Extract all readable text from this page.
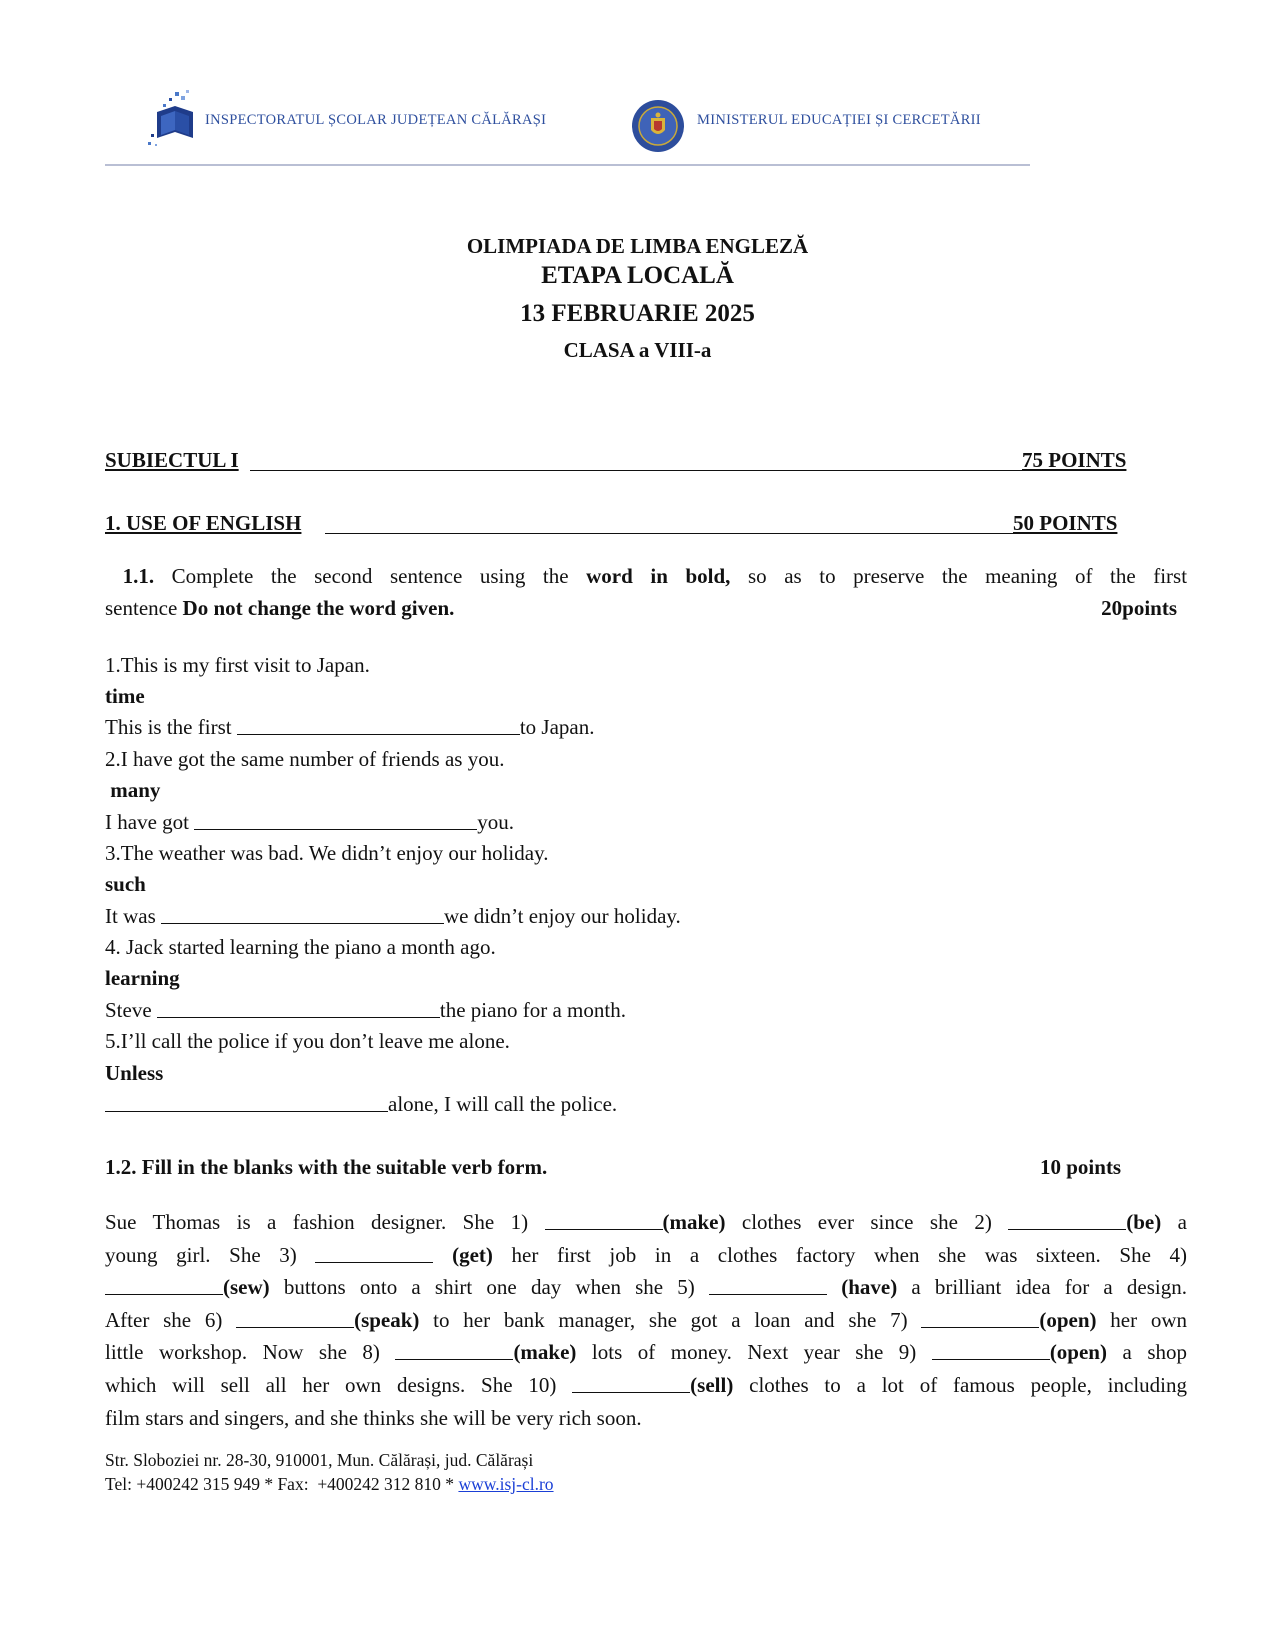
INSPECTORATUL ȘCOLAR JUDEȚEAN CĂLĂRAȘI	MINISTERUL EDUCAȚIEI ȘI CERCETĂRII
OLIMPIADA DE LIMBA ENGLEZĂ
ETAPA LOCALĂ
13 FEBRUARIE 2025
CLASA a VIII-a
SUBIECTUL I	75 POINTS
1. USE OF ENGLISH	50 POINTS
1.1. Complete the second sentence using the word in bold, so as to preserve the meaning of the first
sentence Do not change the word given.	20points
1.This is my first visit to Japan.
time
This is the first	to Japan.
2.I have got the same number of friends as you.
many
I have got	you.
3.The weather was bad. We didn’t enjoy our holiday.
such
It was	we didn’t enjoy our holiday.
4. Jack started learning the piano a month ago.
learning
Steve	the piano for a month.
5.I’ll call the police if you don’t leave me alone.
Unless
alone, I will call the police.
1.2. Fill in the blanks with the suitable verb form.	10 points
Sue Thomas is a fashion designer. She 1)	(make) clothes ever since she 2)	(be) a
young girl. She 3)	(get) her first job in a clothes factory when she was sixteen. She 4)
(sew) buttons onto a shirt one day when she 5)	(have) a brilliant idea for a design.
After she 6)	(speak) to her bank manager, she got a loan and she 7)	(open) her own
little workshop. Now she 8)	(make) lots of money. Next year she 9)	(open) a shop
which will sell all her own designs. She 10)	(sell) clothes to a lot of famous people, including
film stars and singers, and she thinks she will be very rich soon.
Str. Sloboziei nr. 28-30, 910001, Mun. Călărași, jud. Călărași
Tel: +400242 315 949 * Fax:  +400242 312 810 * www.isj-cl.ro
